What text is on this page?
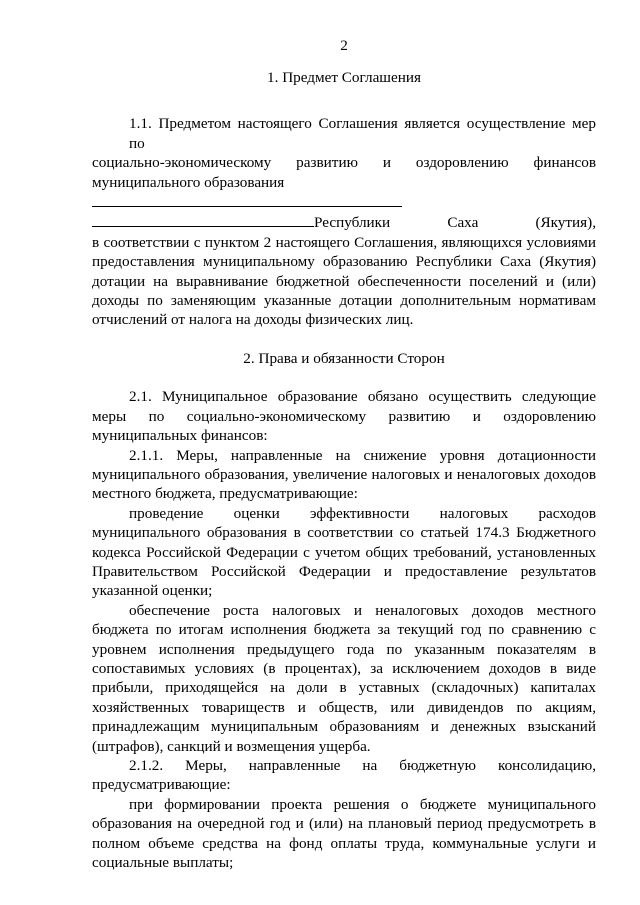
2
1. Предмет Соглашения
1.1. Предметом настоящего Соглашения является осуществление мер по
социально-экономическому развитию и оздоровлению финансов
муниципального образования
Республики Саха (Якутия),

в соответствии с пунктом 2 настоящего Соглашения, являющихся условиями предоставления муниципальному образованию Республики Саха (Якутия) дотации на выравнивание бюджетной обеспеченности поселений и (или) доходы по заменяющим указанные дотации дополнительным нормативам отчислений от налога на доходы физических лиц.

2. Права и обязанности Сторон

2.1. Муниципальное образование обязано осуществить следующие меры по социально-экономическому развитию и оздоровлению муниципальных финансов:

2.1.1. Меры, направленные на снижение уровня дотационности муниципального образования, увеличение налоговых и неналоговых доходов местного бюджета, предусматривающие:

проведение оценки эффективности налоговых расходов муниципального образования в соответствии со статьей 174.3 Бюджетного кодекса Российской Федерации с учетом общих требований, установленных Правительством Российской Федерации и предоставление результатов указанной оценки;

обеспечение роста налоговых и неналоговых доходов местного бюджета по итогам исполнения бюджета за текущий год по сравнению с уровнем исполнения предыдущего года по указанным показателям в сопоставимых условиях (в процентах), за исключением доходов в виде прибыли, приходящейся на доли в уставных (складочных) капиталах хозяйственных товариществ и обществ, или дивидендов по акциям, принадлежащим муниципальным образованиям и денежных взысканий (штрафов), санкций и возмещения ущерба.

2.1.2. Меры, направленные на бюджетную консолидацию, предусматривающие:

при формировании проекта решения о бюджете муниципального образования на очередной год и (или) на плановый период предусмотреть в полном объеме средства на фонд оплаты труда, коммунальные услуги и социальные выплаты;
